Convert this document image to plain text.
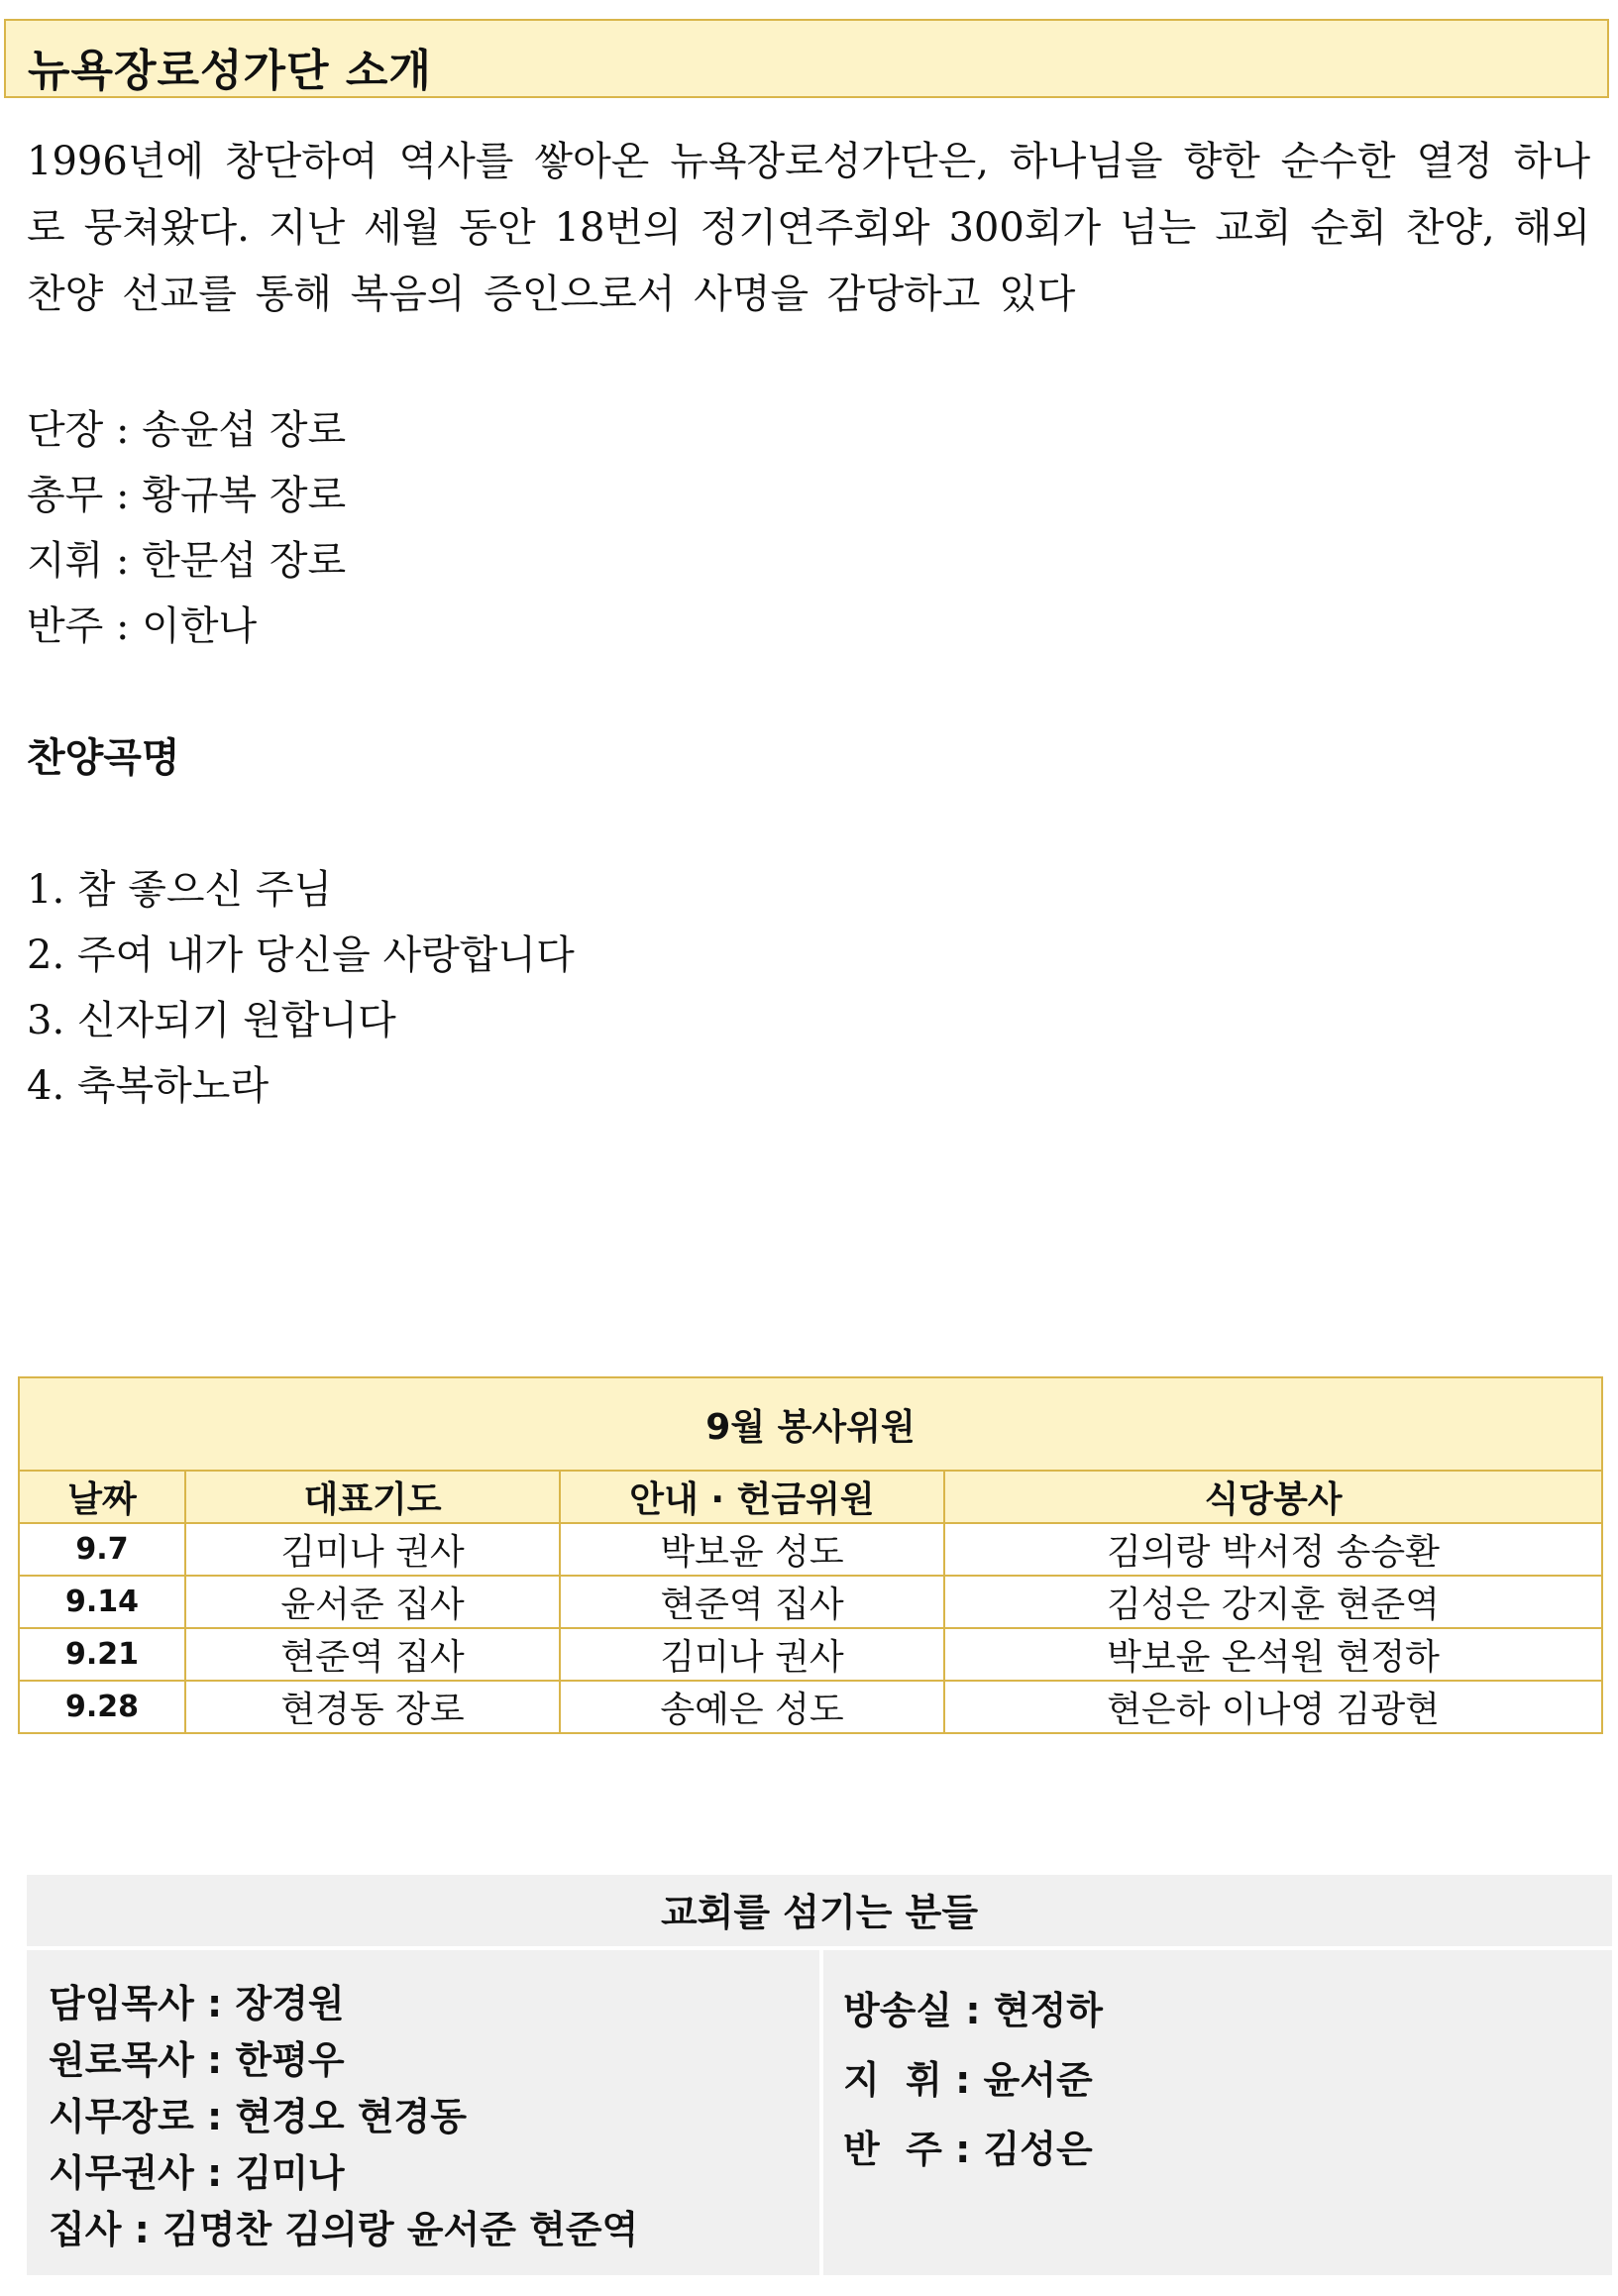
뉴욕장로성가단 소개

1996년에 창단하여 역사를 쌓아온 뉴욕장로성가단은, 하나님을 향한 순수한 열정 하나로 뭉쳐왔다. 지난 세월 동안 18번의 정기연주회와 300회가 넘는 교회 순회 찬양, 해외 찬양 선교를 통해 복음의 증인으로서 사명을 감당하고 있다

단장 : 송윤섭 장로
총무 : 황규복 장로
지휘 : 한문섭 장로
반주 : 이한나
찬양곡명
1. 참 좋으신 주님
2. 주여 내가 당신을 사랑합니다
3. 신자되기 원합니다
4. 축복하노라
9월 봉사위원			
날짜	대표기도	안내 · 헌금위원	식당봉사
9.7	김미나 권사	박보윤 성도	김의랑 박서정 송승환
9.14	윤서준 집사	현준역 집사	김성은 강지훈 현준역
9.21	현준역 집사	김미나 권사	박보윤 온석원 현정하
9.28	현경동 장로	송예은 성도	현은하 이나영 김광현
교회를 섬기는 분들
담임목사 : 장경원
원로목사 : 한평우
시무장로 : 현경오 현경동
시무권사 : 김미나
집사 : 김명찬 김의랑 윤서준 현준역
방송실 : 현정하
지  휘 : 윤서준
반  주 : 김성은
